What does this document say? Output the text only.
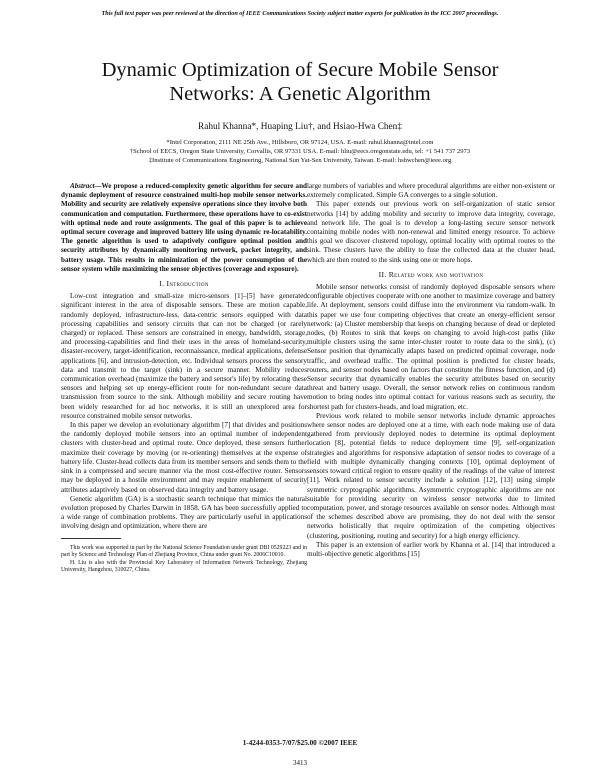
This full text paper was peer reviewed at the direction of IEEE Communications Society subject matter experts for publication in the ICC 2007 proceedings.
Dynamic Optimization of Secure Mobile Sensor
Networks: A Genetic Algorithm
Rahul Khanna*, Huaping Liu†, and Hsiao-Hwa Chen‡
*Intel Corporation, 2111 NE 25th Ave., Hillsboro, OR 97124, USA. E-mail: rahul.khanna@intel.com
†School of EECS, Oregon State University, Corvallis, OR 97331 USA. E-mail: hliu@eecs.oregonstate.edu, tel: +1 541 737 2973
‡Institute of Communications Engineering, National Sun Yat-Sen University, Taiwan. E-mail: hshwchen@ieee.org

Abstract—We propose a reduced-complexity genetic algorithm for secure and dynamic deployment of resource constrained multi-hop mobile sensor networks. Mobility and security are relatively expensive operations since they involve both communication and computation. Furthermore, these operations have to co-exist with optimal node and route assignments. The goal of this paper is to achieve optimal secure coverage and improved battery life using dynamic re-locatability. The genetic algorithm is used to adaptively configure optimal position and security attributes by dynamically monitoring network, packet integrity, and battery usage. This results in minimization of the power consumption of the sensor system while maximizing the sensor objectives (coverage and exposure).

I. Introduction

Low-cost integration and small-size micro-sensors [1]–[5] have generated significant interest in the area of disposable sensors. These are motion capable, randomly deployed, infrastructure-less, data-centric sensors equipped with data processing capabilities and sensory circuits that can not be charged (or rarely charged) or replaced. These sensors are constrained in energy, bandwidth, storage, and processing-capabilities and find their uses in the areas of homeland-security, disaster-recovery, target-identification, reconnaissance, medical applications, defense applications [6], and intrusion-detection, etc. Individual sensors process the sensory data and transmit to the target (sink) in a secure manner. Mobility reduces communication overhead (maximize the battery and sensor's life) by relocating these sensors and helping set up energy-efficient route for non-redundant secure data transmission from source to the sink. Although mobility and secure routing have been widely researched for ad hoc networks, it is still an unexplored area for resource constrained mobile sensor networks.

In this paper we develop an evolutionary algorithm [7] that divides and positions the randomly deployed mobile sensors into an optimal number of independent clusters with cluster-head and optimal route. Once deployed, these sensors further maximize their coverage by moving (or re-orienting) themselves at the expense of battery life. Cluster-head collects data from its member sensors and sends them to the sink in a compressed and secure manner via the most cost-effective router. Sensors may be deployed in a hostile environment and may require enablement of security attributes adaptively based on observed data integrity and battery usage.

Genetic algorithm (GA) is a stochastic search technique that mimics the natural evolution proposed by Charles Darwin in 1858. GA has been successfully applied to a wide range of combination problems. They are particularly useful in applications involving design and optimization, where there are

This work was supported in part by the National Science Foundation under grant DBI 0529223 and in part by Science and Technology Plan of Zhejiang Province, China under grant No. 2006C10010.

H. Liu is also with the Provincial Key Laboratory of Information Network Technology, Zhejiang University, Hangzhou, 310027, China.

large numbers of variables and where procedural algorithms are either non-existent or extremely complicated. Simple GA converges to a single solution.

This paper extends our previous work on self-organization of static sensor networks [14] by adding mobility and security to improve data integrity, coverage, and network life. The goal is to develop a long-lasting secure sensor network containing mobile nodes with non-renewal and limited energy resource. To achieve this goal we discover clustered topology, optimal locality with optimal routes to the sink. These clusters have the ability to fuse the collected data at the cluster head, which are then routed to the sink using one or more hops.

II. Related work and motivation

Mobile sensor networks consist of randomly deployed disposable sensors where configurable objectives cooperate with one another to maximize coverage and battery life. At deployment, sensors could diffuse into the environment via random-walk. In this paper we use four competing objectives that create an energy-efficient sensor network: (a) Cluster membership that keeps on changing because of dead or depleted nodes, (b) Routes to sink that keeps on changing to avoid high-cost paths (like multiple clusters using the same inter-cluster router to route data to the sink), (c) Sensor position that dynamically adapts based on predicted optimal coverage, node traffic, and overhead traffic. The optimal position is predicted for cluster heads, routers, and sensor nodes based on factors that constitute the fitness function, and (d) Sensor security that dynamically enables the security attributes based on security threat and battery usage. Overall, the sensor network relies on continuous random motion to bring nodes into optimal contact for various reasons such as security, the shortest path for clusters-heads, and load migration, etc.

Previous work related to mobile sensor networks include dynamic approaches where sensor nodes are deployed one at a time, with each node making use of data gathered from previously deployed nodes to determine its optimal deployment location [8], potential fields to reduce deployment time [9], self-organization strategies and algorithms for responsive adaptation of sensor nodes to coverage of a field with multiple dynamically changing contexts [10], optimal deployment of sensors toward critical region to ensure quality of the readings of the value of interest [11]. Work related to sensor security include a solution [12], [13] using simple symmetric cryptographic algorithms. Asymmetric cryptographic algorithms are not suitable for providing security on wireless sensor networks due to limited computation, power, and storage resources available on sensor nodes. Although most of the schemes described above are promising, they do not deal with the sensor networks holistically that require optimization of the competing objectives (clustering, positioning, routing and security) for a high energy efficiency.

This paper is an extension of earlier work by Khanna et al. [14] that introduced a multi-objective genetic algorithms [15]

1-4244-0353-7/07/$25.00 ©2007 IEEE
3413
